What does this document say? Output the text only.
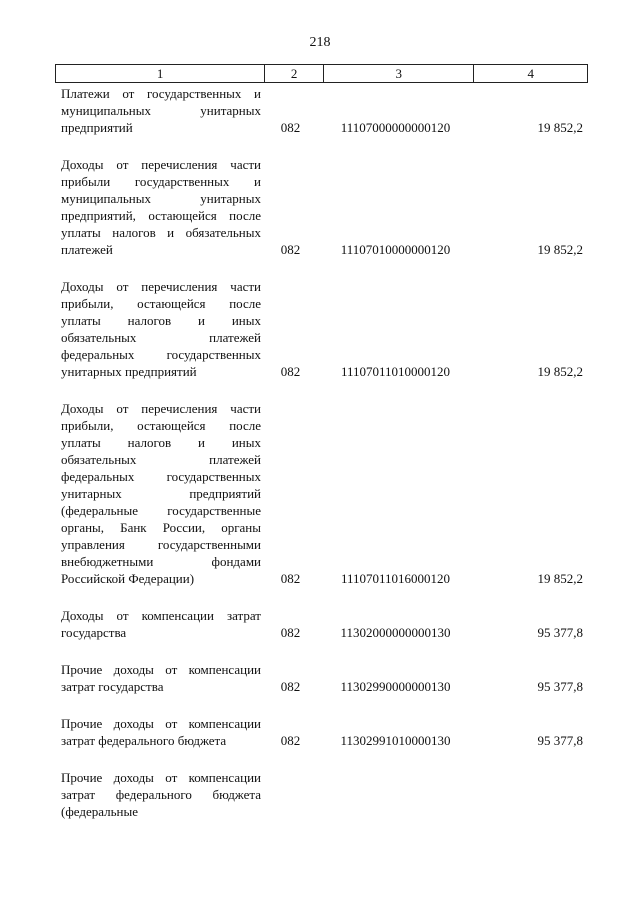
218
1	2	3	4
Платежи от государственных и муниципальных унитарных предприятий	082	11107000000000120	19 852,2
Доходы от перечисления части прибыли государственных и муниципальных унитарных предприятий, остающейся после уплаты налогов и обязательных платежей	082	11107010000000120	19 852,2
Доходы от перечисления части прибыли, остающейся после уплаты налогов и иных обязательных платежей федеральных государственных унитарных предприятий	082	11107011010000120	19 852,2
Доходы от перечисления части прибыли, остающейся после уплаты налогов и иных обязательных платежей федеральных государственных унитарных предприятий (федеральные государственные органы, Банк России, органы управления государственными внебюджетными фондами Российской Федерации)	082	11107011016000120	19 852,2
Доходы от компенсации затрат государства	082	11302000000000130	95 377,8
Прочие доходы от компенсации затрат государства	082	11302990000000130	95 377,8
Прочие доходы от компенсации затрат федерального бюджета	082	11302991010000130	95 377,8
Прочие доходы от компенсации затрат федерального бюджета (федеральные
